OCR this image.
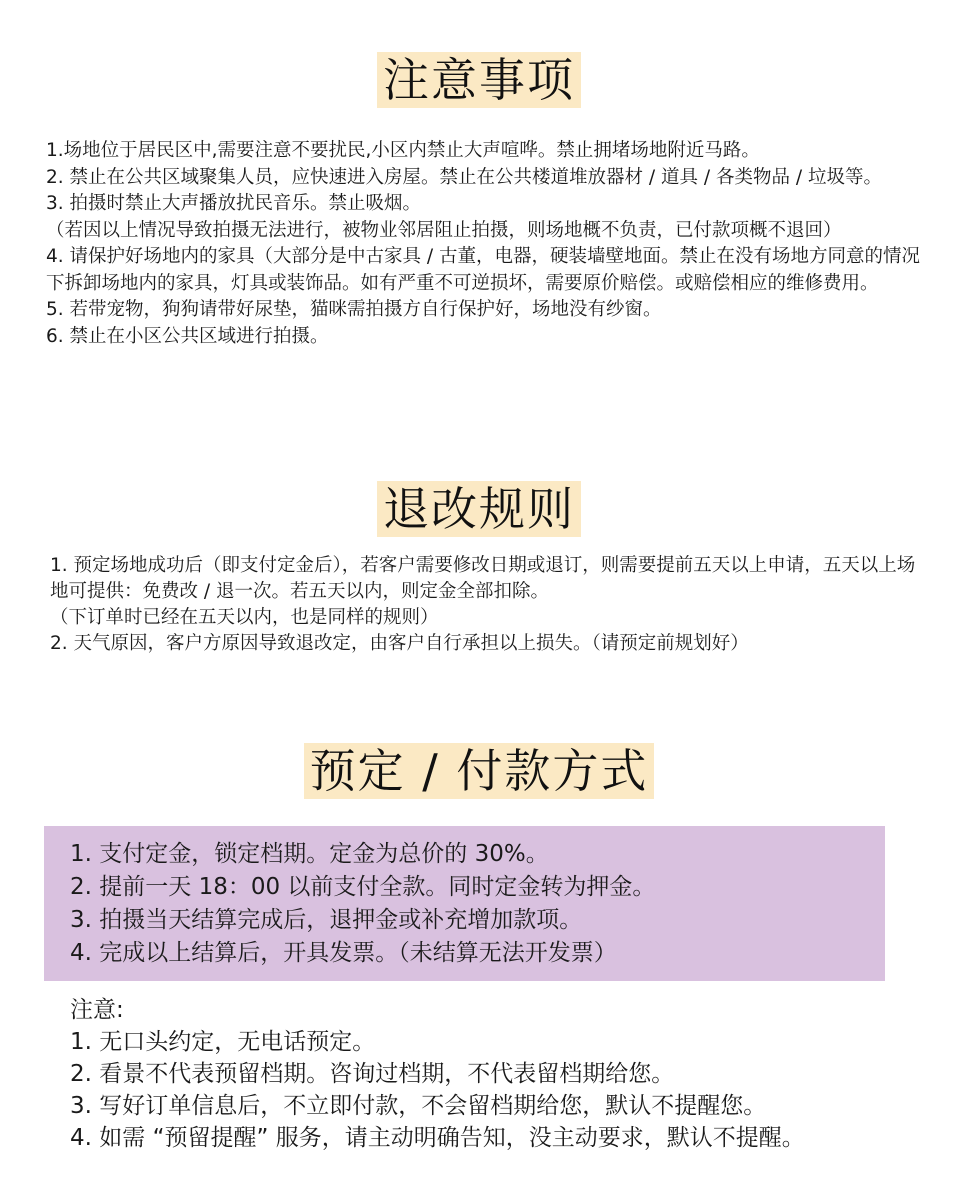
注意事项

1.场地位于居民区中,需要注意不要扰民,小区内禁止大声喧哗。禁止拥堵场地附近马路。

2. 禁止在公共区域聚集人员，应快速进入房屋。禁止在公共楼道堆放器材 / 道具 / 各类物品 / 垃圾等。

3. 拍摄时禁止大声播放扰民音乐。禁止吸烟。

（若因以上情况导致拍摄无法进行，被物业邻居阻止拍摄，则场地概不负责，已付款项概不退回）

4. 请保护好场地内的家具（大部分是中古家具 / 古董，电器，硬装墙壁地面。禁止在没有场地方同意的情况下拆卸场地内的家具，灯具或装饰品。如有严重不可逆损坏，需要原价赔偿。或赔偿相应的维修费用。

5. 若带宠物，狗狗请带好尿垫，猫咪需拍摄方自行保护好，场地没有纱窗。

6. 禁止在小区公共区域进行拍摄。

退改规则

1. 预定场地成功后（即支付定金后），若客户需要修改日期或退订，则需要提前五天以上申请，五天以上场地可提供：免费改 / 退一次。若五天以内，则定金全部扣除。

（下订单时已经在五天以内，也是同样的规则）

2. 天气原因，客户方原因导致退改定，由客户自行承担以上损失。（请预定前规划好）

预定 / 付款方式

1. 支付定金，锁定档期。定金为总价的 30%。

2. 提前一天 18：00 以前支付全款。同时定金转为押金。

3. 拍摄当天结算完成后，退押金或补充增加款项。

4. 完成以上结算后，开具发票。（未结算无法开发票）

注意:

1. 无口头约定，无电话预定。

2. 看景不代表预留档期。咨询过档期，不代表留档期给您。

3. 写好订单信息后，不立即付款，不会留档期给您，默认不提醒您。

4. 如需 “预留提醒” 服务，请主动明确告知，没主动要求，默认不提醒。
